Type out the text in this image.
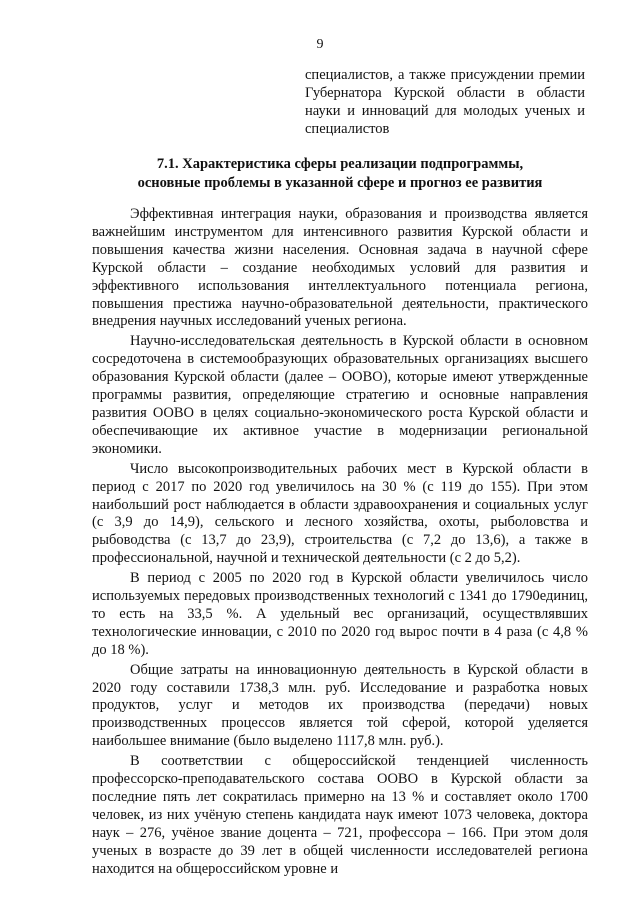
9
специалистов, а также присуждении премии Губернатора Курской области в области науки и инноваций для молодых ученых и специалистов
7.1. Характеристика сферы реализации подпрограммы,
основные проблемы в указанной сфере и прогноз ее развития

Эффективная интеграция науки, образования и производства является важнейшим инструментом для интенсивного развития Курской области и повышения качества жизни населения. Основная задача в научной сфере Курской области – создание необходимых условий для развития и эффективного использования интеллектуального потенциала региона, повышения престижа научно-образовательной деятельности, практического внедрения научных исследований ученых региона.

Научно-исследовательская деятельность в Курской области в основном сосредоточена в системообразующих образовательных организациях высшего образования Курской области (далее – ООВО), которые имеют утвержденные программы развития, определяющие стратегию и основные направления развития ООВО в целях социально-экономического роста Курской области и обеспечивающие их активное участие в модернизации региональной экономики.

Число высокопроизводительных рабочих мест в Курской области в период с 2017 по 2020 год увеличилось на 30 % (с 119 до 155). При этом наибольший рост наблюдается в области здравоохранения и социальных услуг (с 3,9 до 14,9), сельского и лесного хозяйства, охоты, рыболовства и рыбоводства (с 13,7 до 23,9), строительства (с 7,2 до 13,6), а также в профессиональной, научной и технической деятельности (с 2 до 5,2).

В период с 2005 по 2020 год в Курской области увеличилось число используемых передовых производственных технологий с 1341 до 1790единиц, то есть на 33,5 %. А удельный вес организаций, осуществлявших технологические инновации, с 2010 по 2020 год вырос почти в 4 раза (с 4,8 % до 18 %).

Общие затраты на инновационную деятельность в Курской области в 2020 году составили 1738,3 млн. руб. Исследование и разработка новых продуктов, услуг и методов их производства (передачи) новых производственных процессов является той сферой, которой уделяется наибольшее внимание (было выделено 1117,8 млн. руб.).

В соответствии с общероссийской тенденцией численность профессорско-преподавательского состава ООВО в Курской области за последние пять лет сократилась примерно на 13 % и составляет около 1700 человек, из них учёную степень кандидата наук имеют 1073 человека, доктора наук – 276, учёное звание доцента – 721, профессора – 166. При этом доля ученых в возрасте до 39 лет в общей численности исследователей региона находится на общероссийском уровне и
